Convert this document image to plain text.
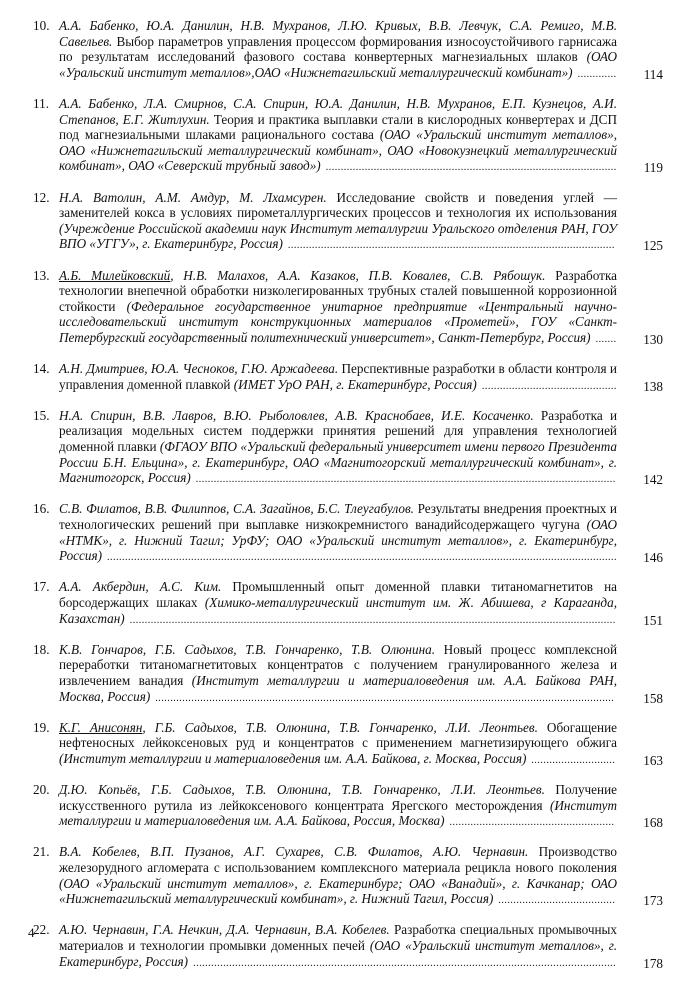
10. А.А. Бабенко, Ю.А. Данилин, Н.В. Мухранов, Л.Ю. Кривых, В.В. Левчук, С.А. Ремиго, М.В. Савельев. Выбор параметров управления процессом формирования износоустойчивого гарнисажа по результатам исследований фазового состава конвертерных магнезиальных шлаков (ОАО «Уральский институт металлов»,ОАО «Нижнетагильский металлургический комбинат») .............	114
11. А.А. Бабенко, Л.А. Смирнов, С.А. Спирин, Ю.А. Данилин, Н.В. Мухранов, Е.П. Кузнецов, А.И. Степанов, Е.Г. Житлухин. Теория и практика выплавки стали в кислородных конвертерах и ДСП под магнезиальными шлаками рационального состава (ОАО «Уральский институт металлов», ОАО «Нижнетагильский металлургический комбинат», ОАО «Новокузнецкий металлургический комбинат», ОАО «Северский трубный завод») .................................................................................................	119
12. Н.А. Ватолин, А.М. Амдур, М. Лхамсурен. Исследование свойств и поведения углей — заменителей кокса в условиях пирометаллургических процессов и технология их использования (Учреждение Российской академии наук Институт металлургии Уральского отделения РАН, ГОУ ВПО «УГГУ», г. Екатеринбург, Россия) .............................................................................................................	125
13. А.Б. Милейковский, Н.В. Малахов, А.А. Казаков, П.В. Ковалев, С.В. Рябошук. Разработка технологии внепечной обработки низколегированных трубных сталей повышенной коррозионной стойкости (Федеральное государственное унитарное предприятие «Центральный научно-исследовательский институт конструкционных материалов «Прометей», ГОУ «Санкт-Петербургский государственный политехнический университет», Санкт-Петербург, Россия) .......	130
14. А.Н. Дмитриев, Ю.А. Чесноков, Г.Ю. Аржадеева. Перспективные разработки в области контроля и управления доменной плавкой (ИМЕТ УрО РАН, г. Екатеринбург, Россия) .............................................	138
15. Н.А. Спирин, В.В. Лавров, В.Ю. Рыболовлев, А.В. Краснобаев, И.Е. Косаченко. Разработка и реализация модельных систем поддержки принятия решений для управления технологией доменной плавки (ФГАОУ ВПО «Уральский федеральный университет имени первого Президента России Б.Н. Ельцина», г. Екатеринбург, ОАО «Магнитогорский металлургический комбинат», г. Магнитогорск, Россия) ............................................................................................................................................	142
16. С.В. Филатов, В.В. Филиппов, С.А. Загайнов, Б.С. Тлеугабулов. Результаты внедрения проектных и технологических решений при выплавке низкокремнистого ванадийсодержащего чугуна (ОАО «НТМК», г. Нижний Тагил; УрФУ; ОАО «Уральский институт металлов», г. Екатеринбург, Россия) ..........................................................................................................................................................................	146
17. А.А. Акбердин, А.С. Ким. Промышленный опыт доменной плавки титаномагнетитов на борсодержащих шлаках (Химико-металлургический институт им. Ж. Абишева, г Караганда, Казахстан) ..................................................................................................................................................................	151
18. К.В. Гончаров, Г.Б. Садыхов, Т.В. Гончаренко, Т.В. Олюнина. Новый процесс комплексной переработки титаномагнетитовых концентратов с получением гранулированного железа и извлечением ванадия (Институт металлургии и материаловедения им. А.А. Байкова РАН, Москва, Россия) .........................................................................................................................................................	158
19. К.Г. Анисонян, Г.Б. Садыхов, Т.В. Олюнина, Т.В. Гончаренко, Л.И. Леонтьев. Обогащение нефтеносных лейкоксеновых руд и концентратов с применением магнетизирующего обжига (Институт металлургии и материаловедения им. А.А. Байкова, г. Москва, Россия) ............................	163
20. Д.Ю. Копьёв, Г.Б. Садыхов, Т.В. Олюнина, Т.В. Гончаренко, Л.И. Леонтьев. Получение искусственного рутила из лейкоксенового концентрата Ярегского месторождения (Институт металлургии и материаловедения им. А.А. Байкова, Россия, Москва) .......................................................	168
21. В.А. Кобелев, В.П. Пузанов, А.Г. Сухарев, С.В. Филатов, А.Ю. Чернавин. Производство железорудного агломерата с использованием комплексного материала рецикла нового поколения (ОАО «Уральский институт металлов», г. Екатеринбург; ОАО «Ванадий», г. Качканар; ОАО «Нижнетагильский металлургический комбинат», г. Нижний Тагил, Россия) .......................................	173
22. А.Ю. Чернавин, Г.А. Нечкин, Д.А. Чернавин, В.А. Кобелев. Разработка специальных промывочных материалов и технологии промывки доменных печей (ОАО «Уральский институт металлов», г. Екатеринбург, Россия) .............................................................................................................................................	178
4
